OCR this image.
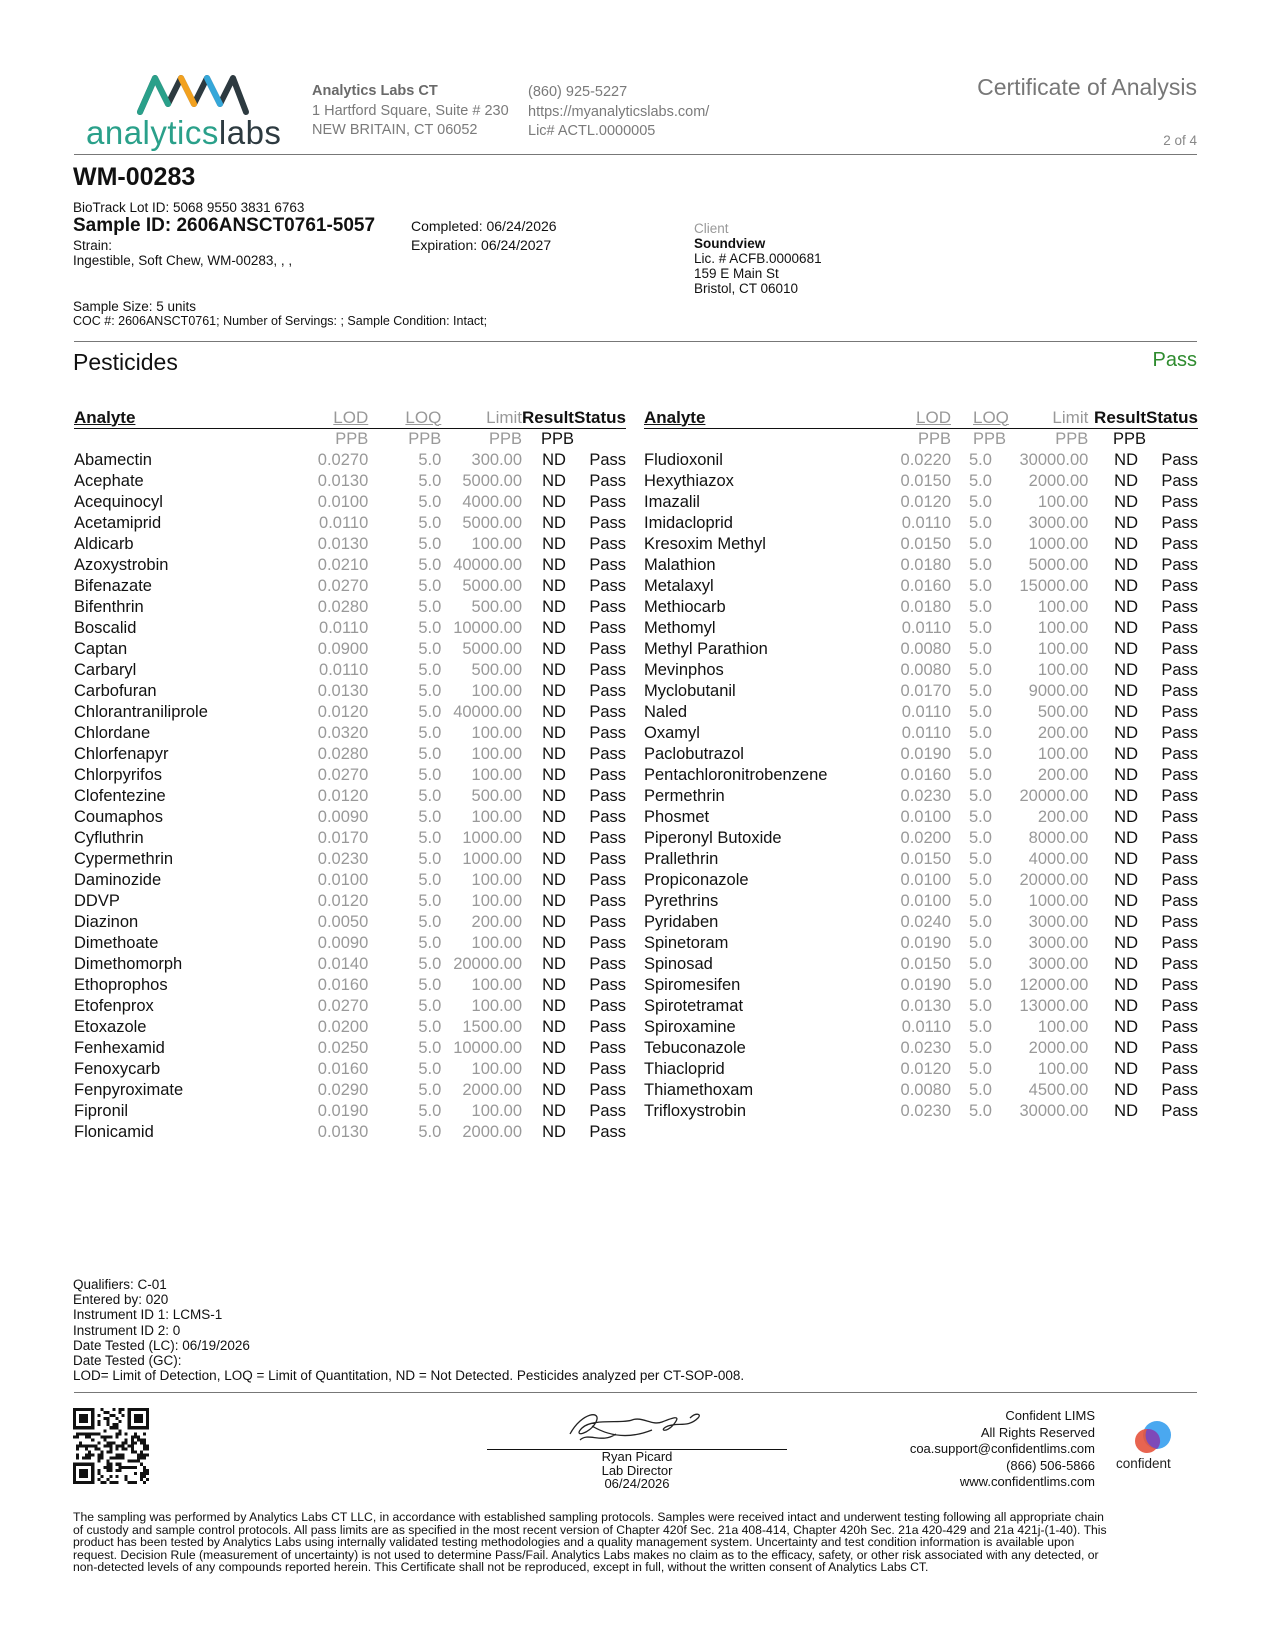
analyticslabs
Analytics Labs CT
1 Hartford Square, Suite # 230
NEW BRITAIN, CT 06052
(860) 925-5227
https://myanalyticslabs.com/
Lic# ACTL.0000005
Certificate of Analysis
2 of 4
WM-00283
BioTrack Lot ID: 5068 9550 3831 6763
Sample ID: 2606ANSCT0761-5057
Strain:
Ingestible, Soft Chew, WM-00283, , ,
Completed: 06/24/2026
Expiration: 06/24/2027
Client
Soundview
Lic. # ACFB.0000681
159 E Main St
Bristol, CT 06010
Sample Size: 5 units
COC #: 2606ANSCT0761; Number of Servings: ; Sample Condition: Intact;
Pesticides	Pass
Analyte	LOD	LOQ	Limit	Result	Status
	PPB	PPB	PPB	PPB	
Abamectin	0.0270	5.0	300.00	ND	Pass
Acephate	0.0130	5.0	5000.00	ND	Pass
Acequinocyl	0.0100	5.0	4000.00	ND	Pass
Acetamiprid	0.0110	5.0	5000.00	ND	Pass
Aldicarb	0.0130	5.0	100.00	ND	Pass
Azoxystrobin	0.0210	5.0	40000.00	ND	Pass
Bifenazate	0.0270	5.0	5000.00	ND	Pass
Bifenthrin	0.0280	5.0	500.00	ND	Pass
Boscalid	0.0110	5.0	10000.00	ND	Pass
Captan	0.0900	5.0	5000.00	ND	Pass
Carbaryl	0.0110	5.0	500.00	ND	Pass
Carbofuran	0.0130	5.0	100.00	ND	Pass
Chlorantraniliprole	0.0120	5.0	40000.00	ND	Pass
Chlordane	0.0320	5.0	100.00	ND	Pass
Chlorfenapyr	0.0280	5.0	100.00	ND	Pass
Chlorpyrifos	0.0270	5.0	100.00	ND	Pass
Clofentezine	0.0120	5.0	500.00	ND	Pass
Coumaphos	0.0090	5.0	100.00	ND	Pass
Cyfluthrin	0.0170	5.0	1000.00	ND	Pass
Cypermethrin	0.0230	5.0	1000.00	ND	Pass
Daminozide	0.0100	5.0	100.00	ND	Pass
DDVP	0.0120	5.0	100.00	ND	Pass
Diazinon	0.0050	5.0	200.00	ND	Pass
Dimethoate	0.0090	5.0	100.00	ND	Pass
Dimethomorph	0.0140	5.0	20000.00	ND	Pass
Ethoprophos	0.0160	5.0	100.00	ND	Pass
Etofenprox	0.0270	5.0	100.00	ND	Pass
Etoxazole	0.0200	5.0	1500.00	ND	Pass
Fenhexamid	0.0250	5.0	10000.00	ND	Pass
Fenoxycarb	0.0160	5.0	100.00	ND	Pass
Fenpyroximate	0.0290	5.0	2000.00	ND	Pass
Fipronil	0.0190	5.0	100.00	ND	Pass
Flonicamid	0.0130	5.0	2000.00	ND	Pass
Analyte	LOD	LOQ	Limit	Result	Status
	PPB	PPB	PPB	PPB	
Fludioxonil	0.0220	5.0	30000.00	ND	Pass
Hexythiazox	0.0150	5.0	2000.00	ND	Pass
Imazalil	0.0120	5.0	100.00	ND	Pass
Imidacloprid	0.0110	5.0	3000.00	ND	Pass
Kresoxim Methyl	0.0150	5.0	1000.00	ND	Pass
Malathion	0.0180	5.0	5000.00	ND	Pass
Metalaxyl	0.0160	5.0	15000.00	ND	Pass
Methiocarb	0.0180	5.0	100.00	ND	Pass
Methomyl	0.0110	5.0	100.00	ND	Pass
Methyl Parathion	0.0080	5.0	100.00	ND	Pass
Mevinphos	0.0080	5.0	100.00	ND	Pass
Myclobutanil	0.0170	5.0	9000.00	ND	Pass
Naled	0.0110	5.0	500.00	ND	Pass
Oxamyl	0.0110	5.0	200.00	ND	Pass
Paclobutrazol	0.0190	5.0	100.00	ND	Pass
Pentachloronitrobenzene	0.0160	5.0	200.00	ND	Pass
Permethrin	0.0230	5.0	20000.00	ND	Pass
Phosmet	0.0100	5.0	200.00	ND	Pass
Piperonyl Butoxide	0.0200	5.0	8000.00	ND	Pass
Prallethrin	0.0150	5.0	4000.00	ND	Pass
Propiconazole	0.0100	5.0	20000.00	ND	Pass
Pyrethrins	0.0100	5.0	1000.00	ND	Pass
Pyridaben	0.0240	5.0	3000.00	ND	Pass
Spinetoram	0.0190	5.0	3000.00	ND	Pass
Spinosad	0.0150	5.0	3000.00	ND	Pass
Spiromesifen	0.0190	5.0	12000.00	ND	Pass
Spirotetramat	0.0130	5.0	13000.00	ND	Pass
Spiroxamine	0.0110	5.0	100.00	ND	Pass
Tebuconazole	0.0230	5.0	2000.00	ND	Pass
Thiacloprid	0.0120	5.0	100.00	ND	Pass
Thiamethoxam	0.0080	5.0	4500.00	ND	Pass
Trifloxystrobin	0.0230	5.0	30000.00	ND	Pass
Qualifiers: C-01
Entered by: 020
Instrument ID 1: LCMS-1
Instrument ID 2: 0
Date Tested (LC): 06/19/2026
Date Tested (GC):
LOD= Limit of Detection, LOQ = Limit of Quantitation, ND = Not Detected. Pesticides analyzed per CT-SOP-008.
Ryan Picard
Lab Director
06/24/2026
Confident LIMS
All Rights Reserved
coa.support@confidentlims.com
(866) 506-5866
www.confidentlims.com
confident
The sampling was performed by Analytics Labs CT LLC, in accordance with established sampling protocols. Samples were received intact and underwent testing following all appropriate chain
of custody and sample control protocols. All pass limits are as specified in the most recent version of Chapter 420f Sec. 21a 408-414, Chapter 420h Sec. 21a 420-429 and 21a 421j-(1-40). This
product has been tested by Analytics Labs using internally validated testing methodologies and a quality management system. Uncertainty and test condition information is available upon
request. Decision Rule (measurement of uncertainty) is not used to determine Pass/Fail. Analytics Labs makes no claim as to the efficacy, safety, or other risk associated with any detected, or
non-detected levels of any compounds reported herein. This Certificate shall not be reproduced, except in full, without the written consent of Analytics Labs CT.
